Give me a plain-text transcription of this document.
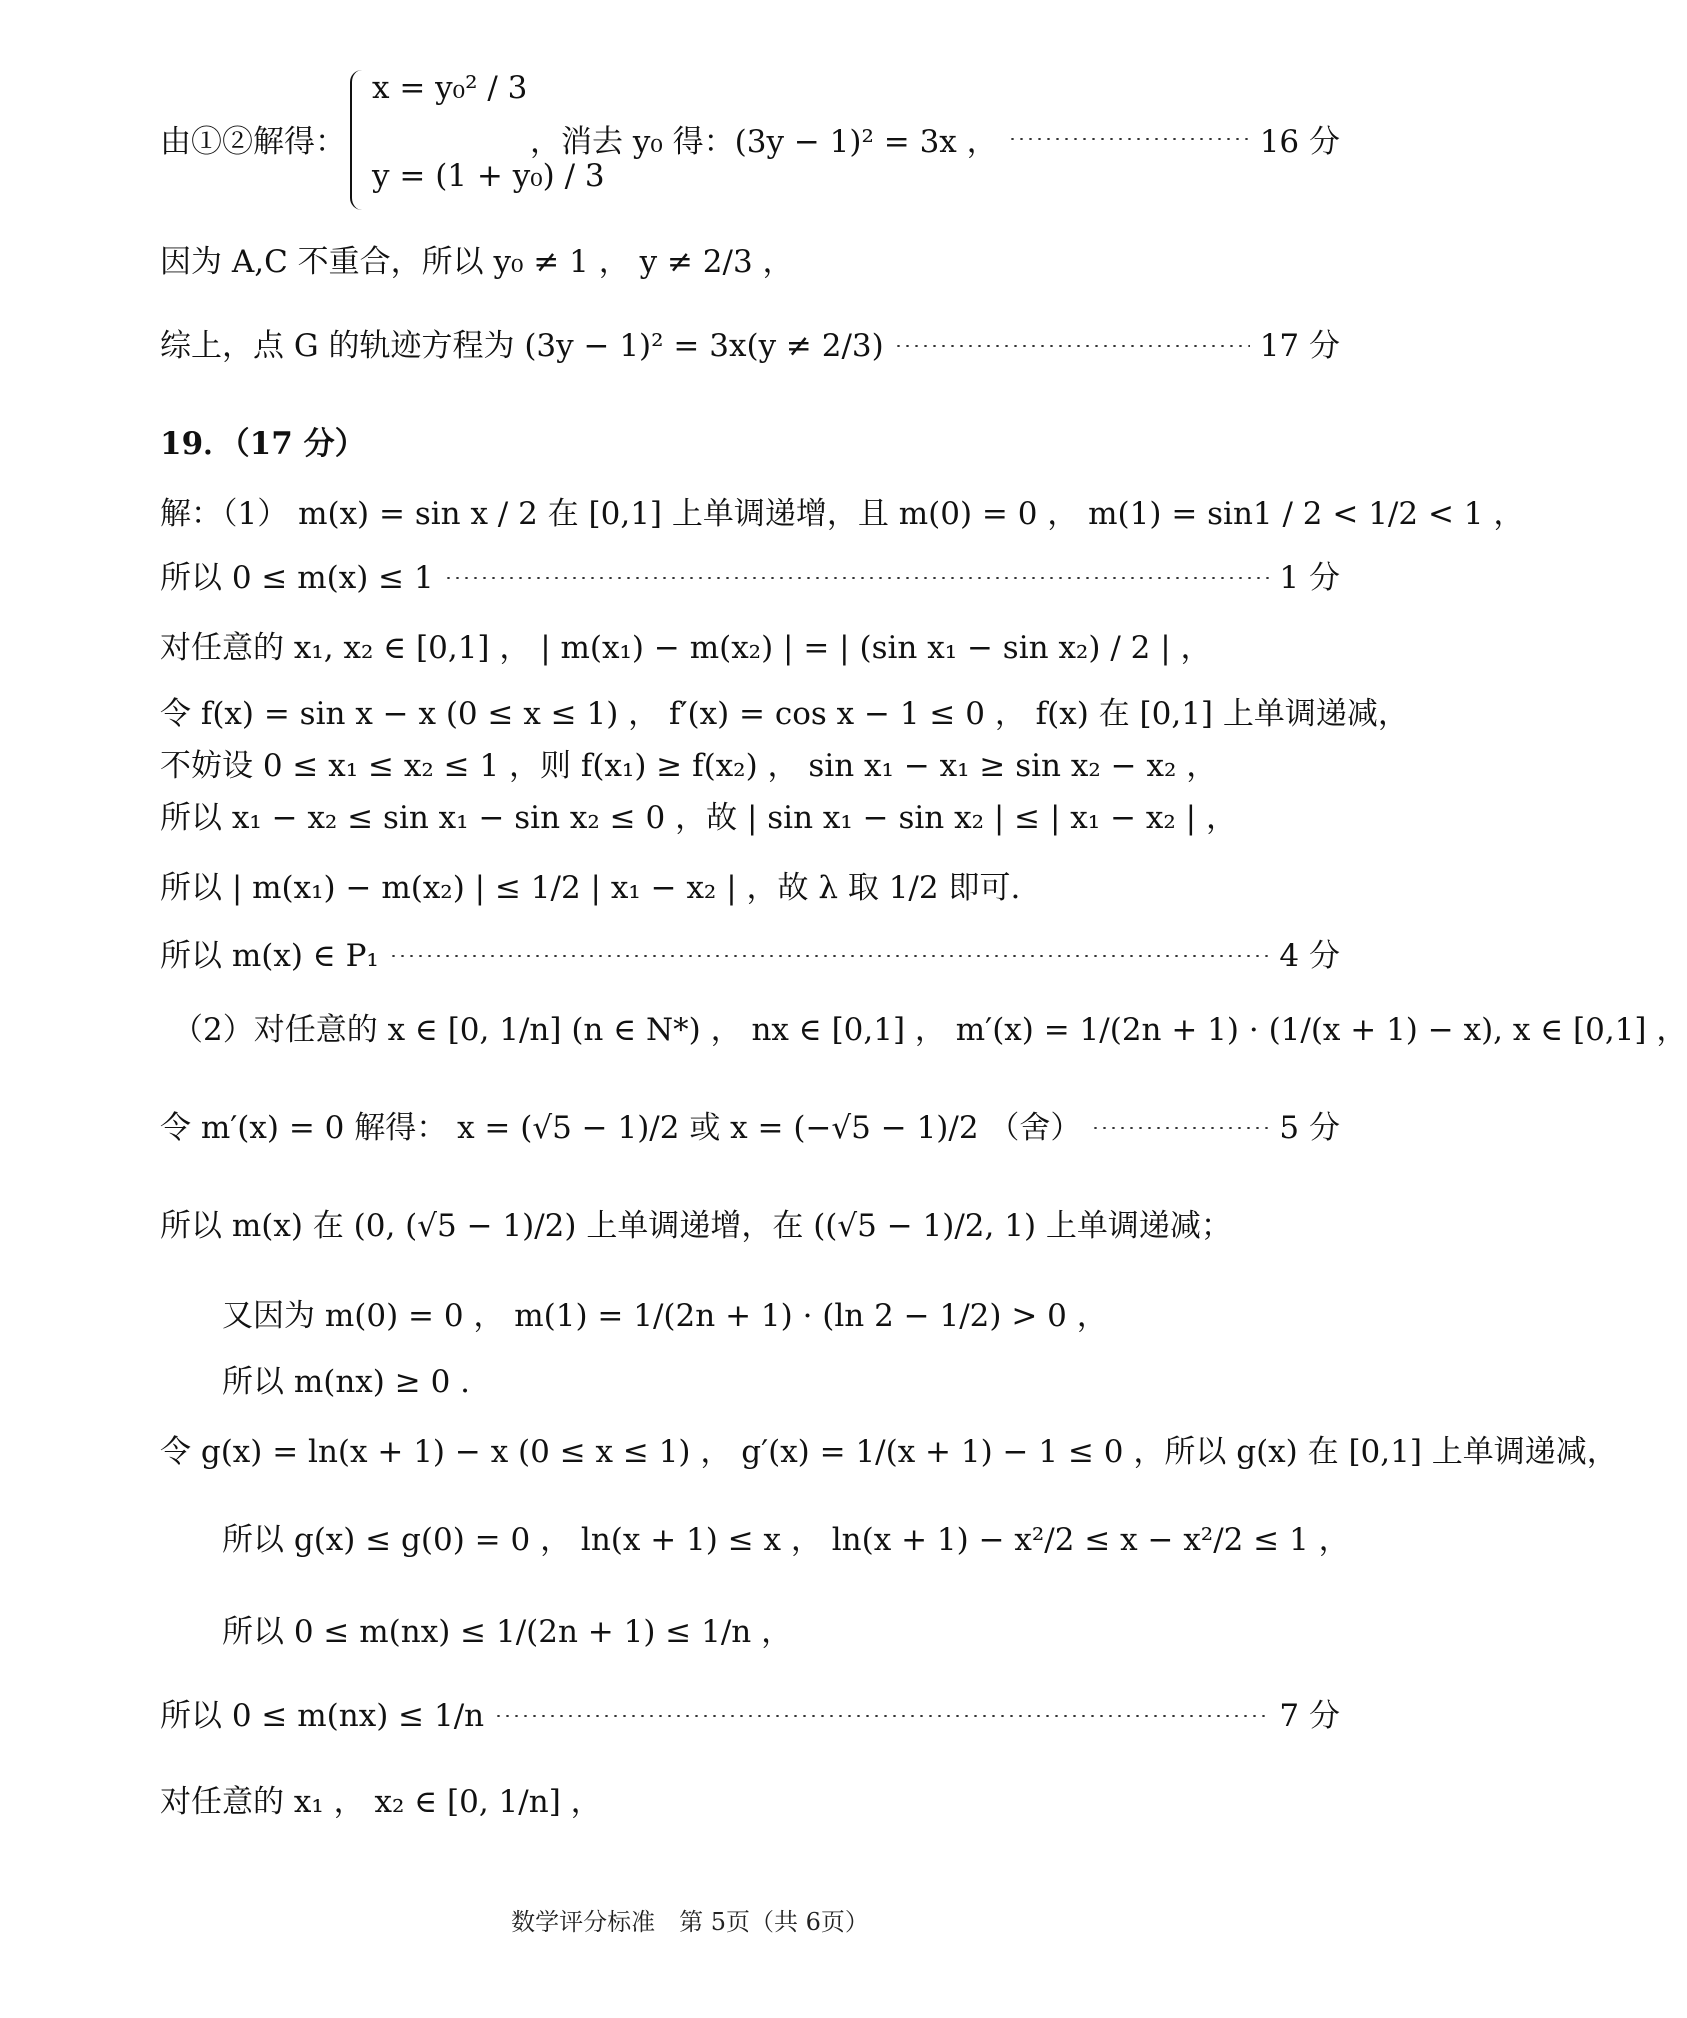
由①②解得：
x = y₀² / 3
y = (1 + y₀) / 3
，消去 y₀ 得：(3y − 1)² = 3x ，	16 分
因为 A,C 不重合，所以 y₀ ≠ 1 ， y ≠ 2/3 ，
综上，点 G 的轨迹方程为 (3y − 1)² = 3x(y ≠ 2/3)	17 分
19．（17 分）
解：（1） m(x) = sin x / 2 在 [0,1] 上单调递增，且 m(0) = 0 ， m(1) = sin1 / 2 < 1/2 < 1 ，
所以 0 ≤ m(x) ≤ 1	1 分
对任意的 x₁, x₂ ∈ [0,1] ， | m(x₁) − m(x₂) | = | (sin x₁ − sin x₂) / 2 | ，
令 f(x) = sin x − x (0 ≤ x ≤ 1) ， f′(x) = cos x − 1 ≤ 0 ， f(x) 在 [0,1] 上单调递减，
不妨设 0 ≤ x₁ ≤ x₂ ≤ 1 ，则 f(x₁) ≥ f(x₂) ， sin x₁ − x₁ ≥ sin x₂ − x₂ ，
所以 x₁ − x₂ ≤ sin x₁ − sin x₂ ≤ 0 ，故 | sin x₁ − sin x₂ | ≤ | x₁ − x₂ | ，
所以 | m(x₁) − m(x₂) | ≤ 1/2 | x₁ − x₂ | ，故 λ 取 1/2 即可.
所以 m(x) ∈ P₁	4 分
（2）对任意的 x ∈ [0, 1/n] (n ∈ N*) ， nx ∈ [0,1] ， m′(x) = 1/(2n + 1) · (1/(x + 1) − x), x ∈ [0,1] ，
令 m′(x) = 0 解得： x = (√5 − 1)/2 或 x = (−√5 − 1)/2 （舍）	5 分
所以 m(x) 在 (0, (√5 − 1)/2) 上单调递增，在 ((√5 − 1)/2, 1) 上单调递减；
又因为 m(0) = 0 ， m(1) = 1/(2n + 1) · (ln 2 − 1/2) > 0 ，
所以 m(nx) ≥ 0 .
令 g(x) = ln(x + 1) − x (0 ≤ x ≤ 1) ， g′(x) = 1/(x + 1) − 1 ≤ 0 ，所以 g(x) 在 [0,1] 上单调递减，
所以 g(x) ≤ g(0) = 0 ， ln(x + 1) ≤ x ， ln(x + 1) − x²/2 ≤ x − x²/2 ≤ 1 ，
所以 0 ≤ m(nx) ≤ 1/(2n + 1) ≤ 1/n ，
所以 0 ≤ m(nx) ≤ 1/n	7 分
对任意的 x₁ ， x₂ ∈ [0, 1/n] ，
数学评分标准　第 5页（共 6页）
